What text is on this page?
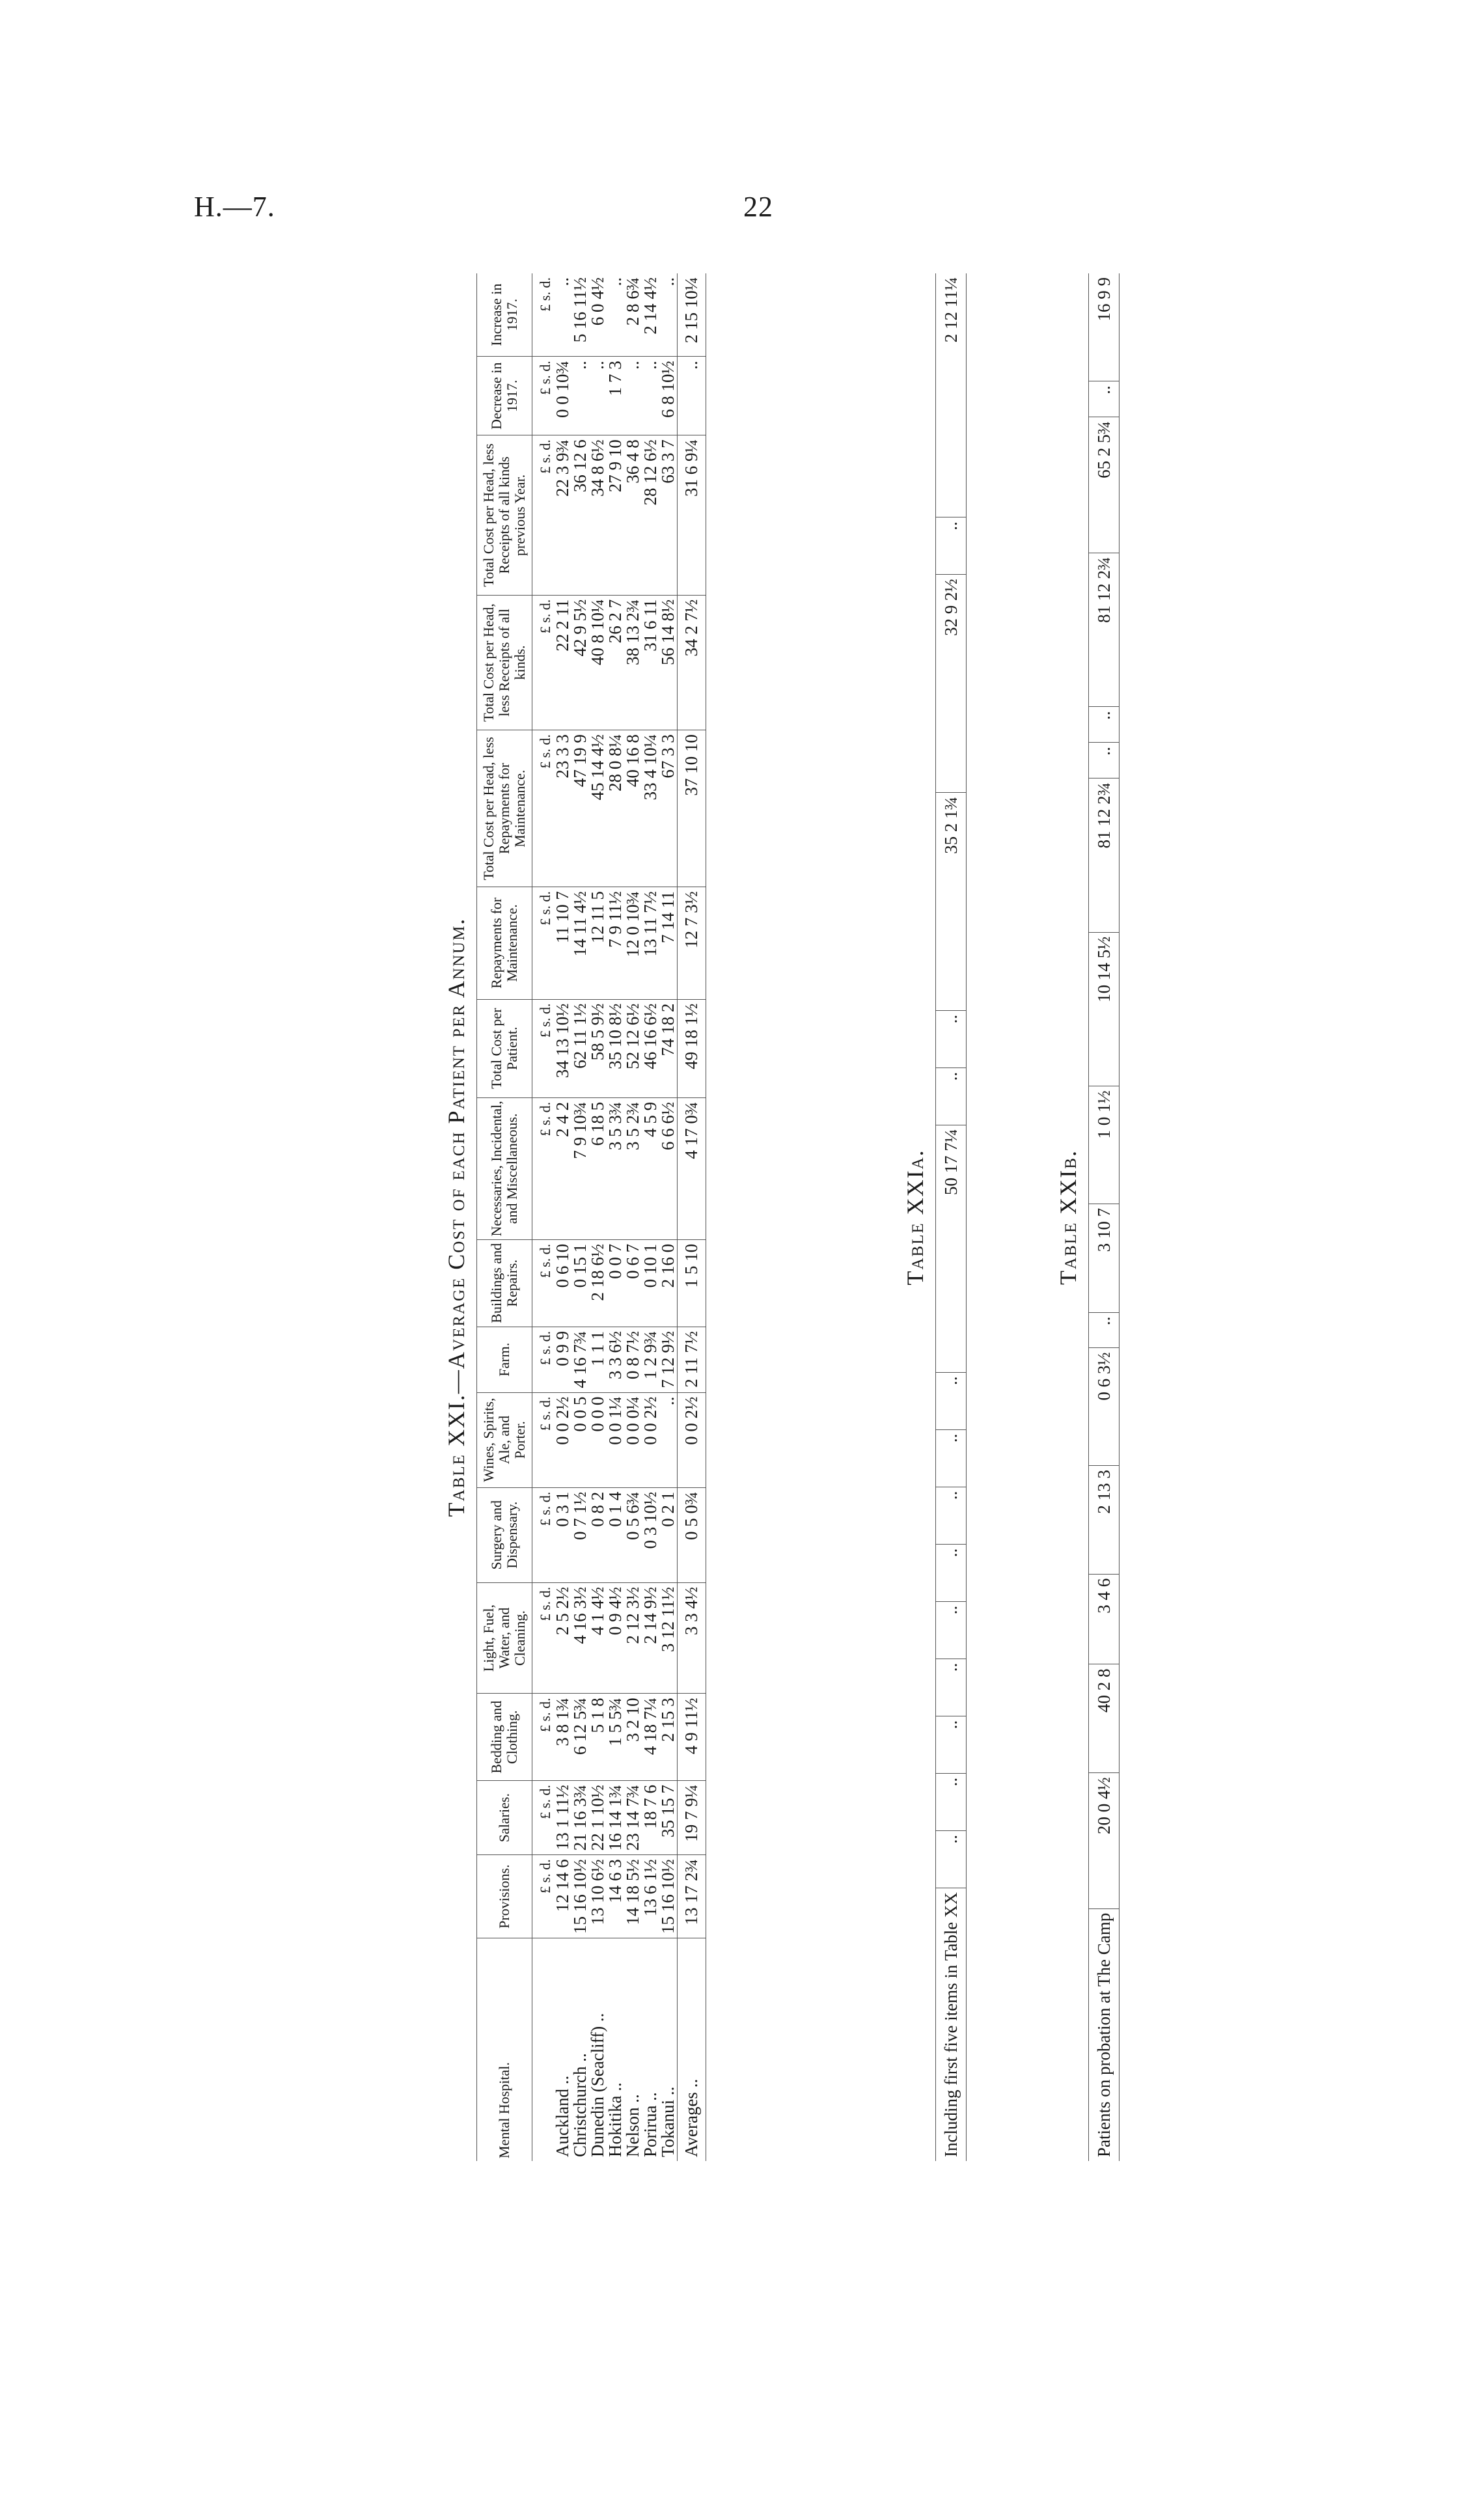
H.—7.	22
Table XXI.—Average Cost of each Patient per Annum.
Mental Hospital.	Provisions.	Salaries.	Bedding and Clothing.	Light, Fuel, Water, and Cleaning.	Surgery and Dispensary.	Wines, Spirits, Ale, and Porter.	Farm.	Buildings and Repairs.	Necessaries, Incidental, and Miscellaneous.	Total Cost per Patient.	Repayments for Maintenance.	Total Cost per Head, less Repayments for Maintenance.	Total Cost per Head, less Receipts of all kinds.	Total Cost per Head, less Receipts of all kinds previous Year.	Decrease in 1917.	Increase in 1917.
	£ s. d.	£ s. d.	£ s. d.	£ s. d.	£ s. d.	£ s. d.	£ s. d.	£ s. d.	£ s. d.	£ s. d.	£ s. d.	£ s. d.	£ s. d.	£ s. d.	£ s. d.	£ s. d.
Auckland ..	12 14 6	13 1 11½	3 8 1¾	2 5 2½	0 3 1	0 0 2½	0 9 9	0 6 10	2 4 2	34 13 10½	11 10 7	23 3 3	22 2 11	22 3 9¾	0 0 10¾	..
Christchurch ..	15 16 10½	21 16 3¾	6 12 5¾	4 16 3½	0 7 1½	0 0 5	4 16 7¾	0 15 1	7 9 10¾	62 11 1½	14 11 4½	47 19 9	42 9 5½	36 12 6	..	5 16 11½
Dunedin (Seacliff) ..	13 10 6½	22 1 10½	5 1 8	4 1 4½	0 8 2	0 0 0	1 1 1	2 18 6½	6 18 5	58 5 9½	12 11 5	45 14 4½	40 8 10¼	34 8 6½	..	6 0 4½
Hokitika ..	14 6 3	16 14 1¾	1 5 5¾	0 9 4½	0 1 4	0 0 1¼	3 3 6½	0 0 7	3 5 3¾	35 10 8½	7 9 11½	28 0 8¼	26 2 7	27 9 10	1 7 3	..
Nelson ..	14 18 5½	23 14 7¾	3 2 10	2 12 3½	0 5 6¾	0 0 0¼	0 8 7½	0 6 7	3 5 2¾	52 12 6½	12 0 10¾	40 16 8	38 13 2¾	36 4 8	..	2 8 6¾
Porirua ..	13 6 1½	18 7 6	4 18 7¼	2 14 9½	0 3 10½	0 0 2½	1 2 9¾	0 10 1	4 5 9	46 16 6½	13 11 7½	33 4 10¼	31 6 11	28 12 6½	..	2 14 4½
Tokanui ..	15 16 10½	35 15 7	2 15 3	3 12 11½	0 2 1	..	7 12 9½	2 16 0	6 6 6½	74 18 2	7 14 11	67 3 3	56 14 8½	63 3 7	6 8 10½	..
Averages ..	13 17 2¾	19 7 9¼	4 9 11½	3 3 4½	0 5 0¾	0 0 2½	2 11 7½	1 5 10	4 17 0¾	49 18 1½	12 7 3½	37 10 10	34 2 7½	31 6 9¼	..	2 15 10¼
Table XXIa.
Including first five items in Table XX	..	..	..	..	..	..	..	..	..	50 17 7¼	..	..	35 2 1¾	32 9 2½	..	2 12 11¼
Table XXIb.
Patients on probation at The Camp	20 0 4½	40 2 8	3 4 6	2 13 3	0 6 3½	..	3 10 7	1 0 1½	10 14 5½	81 12 2¾	..	..	81 12 2¾	65 2 5¾	..	16 9 9
